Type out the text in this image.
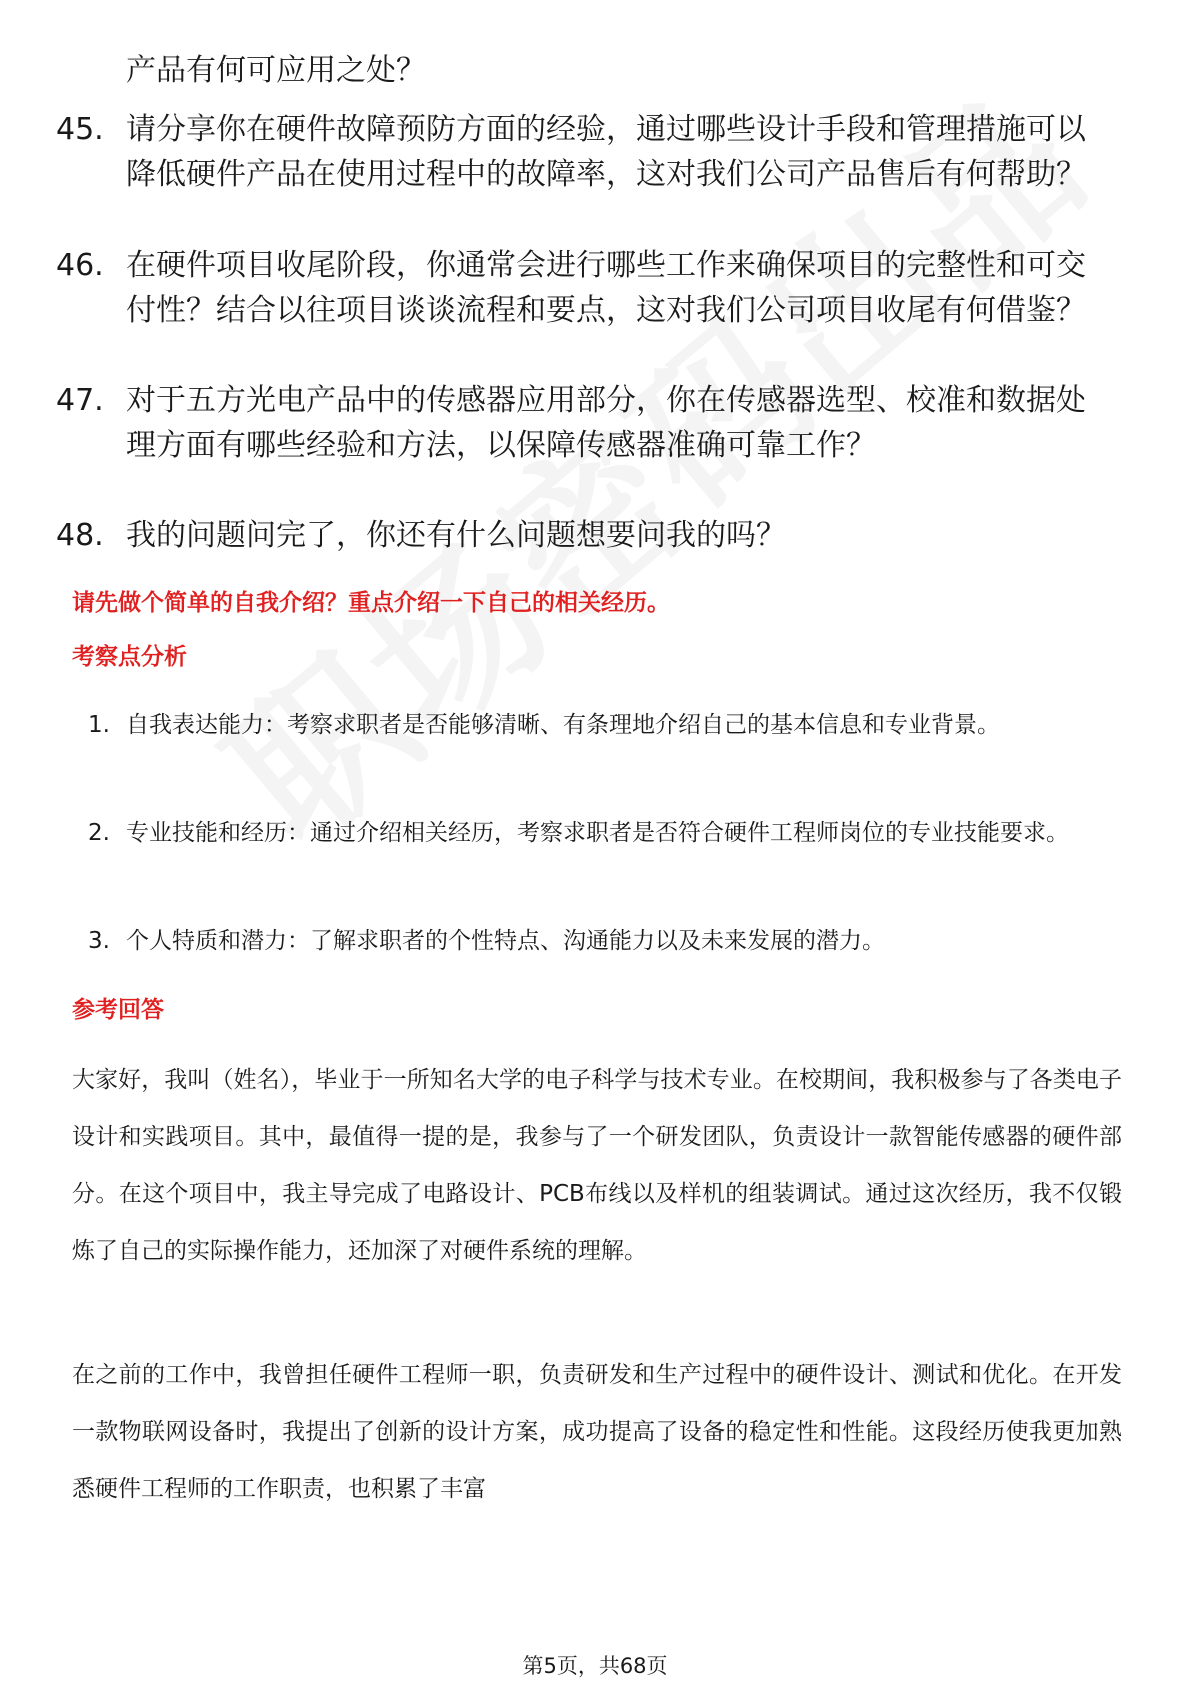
产品有何可应用之处？
45. 请分享你在硬件故障预防方面的经验，通过哪些设计手段和管理措施可以降低硬件产品在使用过程中的故障率，这对我们公司产品售后有何帮助？
46. 在硬件项目收尾阶段，你通常会进行哪些工作来确保项目的完整性和可交付性？结合以往项目谈谈流程和要点，这对我们公司项目收尾有何借鉴？
47. 对于五方光电产品中的传感器应用部分，你在传感器选型、校准和数据处理方面有哪些经验和方法，以保障传感器准确可靠工作？
48. 我的问题问完了，你还有什么问题想要问我的吗？
请先做个简单的自我介绍？重点介绍一下自己的相关经历。
考察点分析
1. 自我表达能力：考察求职者是否能够清晰、有条理地介绍自己的基本信息和专业背景。
2. 专业技能和经历：通过介绍相关经历，考察求职者是否符合硬件工程师岗位的专业技能要求。
3. 个人特质和潜力：了解求职者的个性特点、沟通能力以及未来发展的潜力。
参考回答
大家好，我叫（姓名），毕业于一所知名大学的电子科学与技术专业。在校期间，我积极参与了各类电子设计和实践项目。其中，最值得一提的是，我参与了一个研发团队，负责设计一款智能传感器的硬件部分。在这个项目中，我主导完成了电路设计、PCB布线以及样机的组装调试。通过这次经历，我不仅锻炼了自己的实际操作能力，还加深了对硬件系统的理解。
在之前的工作中，我曾担任硬件工程师一职，负责研发和生产过程中的硬件设计、测试和优化。在开发一款物联网设备时，我提出了创新的设计方案，成功提高了设备的稳定性和性能。这段经历使我更加熟悉硬件工程师的工作职责，也积累了丰富
第5页，共68页
